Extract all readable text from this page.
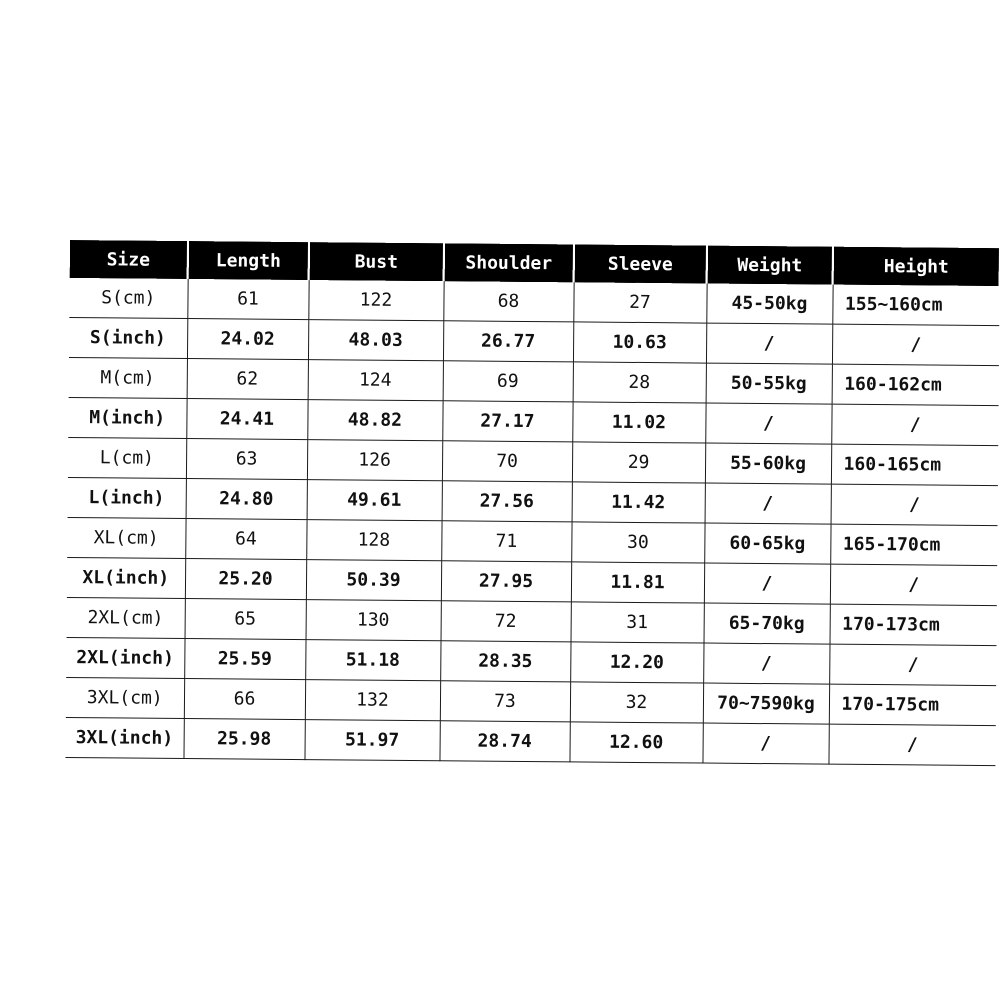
Size	Length	Bust	Shoulder	Sleeve	Weight	Height
S(cm)	61	122	68	27	45-50kg	155~160cm
S(inch)	24.02	48.03	26.77	10.63	/	/
M(cm)	62	124	69	28	50-55kg	160-162cm
M(inch)	24.41	48.82	27.17	11.02	/	/
L(cm)	63	126	70	29	55-60kg	160-165cm
L(inch)	24.80	49.61	27.56	11.42	/	/
XL(cm)	64	128	71	30	60-65kg	165-170cm
XL(inch)	25.20	50.39	27.95	11.81	/	/
2XL(cm)	65	130	72	31	65-70kg	170-173cm
2XL(inch)	25.59	51.18	28.35	12.20	/	/
3XL(cm)	66	132	73	32	70~7590kg	170-175cm
3XL(inch)	25.98	51.97	28.74	12.60	/	/
